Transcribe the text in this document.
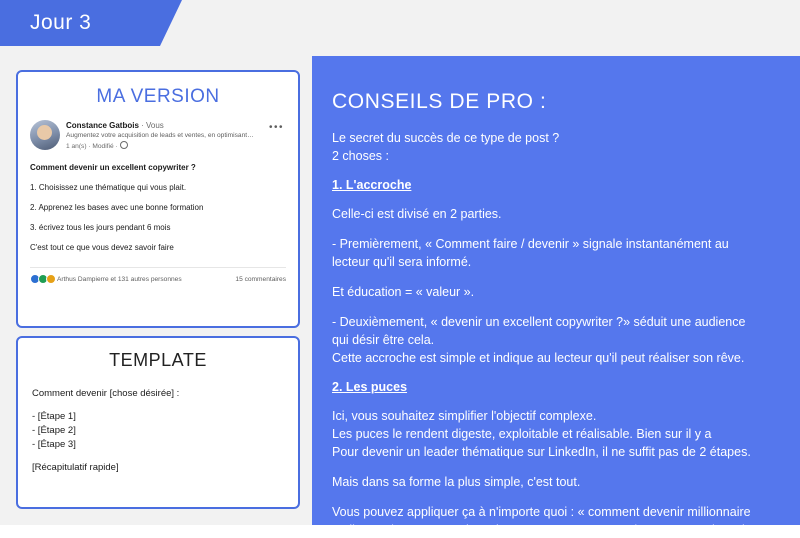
Jour 3
MA VERSION
Constance Gatbois · Vous
Augmentez votre acquisition de leads et ventes, en optimisant…
1 an(s) · Modifié ·
•••

Comment devenir un excellent copywriter ?

1. Choisissez une thématique qui vous plait.

2. Apprenez les bases avec une bonne formation

3. écrivez tous les jours pendant 6 mois

C'est tout ce que vous devez savoir faire

Arthus Dampierre et 131 autres personnes	15 commentaires
TEMPLATE

Comment devenir [chose désirée] :

- [Étape 1]

- [Étape 2]

- [Étape 3]

[Récapitulatif rapide]

CONSEILS DE PRO :
Le secret du succès de ce type de post ?
2 choses :
1. L'accroche
Celle-ci est divisé en 2 parties.
- Premièrement, « Comment faire / devenir » signale instantanément au
lecteur qu'il sera informé.
Et éducation = « valeur ».
- Deuxièmement, « devenir un excellent copywriter ?» séduit une audience
qui désir être cela.
Cette accroche est simple et indique au lecteur qu'il peut réaliser son rêve.
2. Les puces
Ici, vous souhaitez simplifier l'objectif complexe.
Les puces le rendent digeste, exploitable et réalisable. Bien sur il y a
Pour devenir un leader thématique sur LinkedIn, il ne suffit pas de 2 étapes.
Mais dans sa forme la plus simple, c'est tout.
Vous pouvez appliquer ça à n'importe quoi : « comment devenir millionnaire
en ligne » / « comment devenir un expert sur Canva » / « Comment devenir
